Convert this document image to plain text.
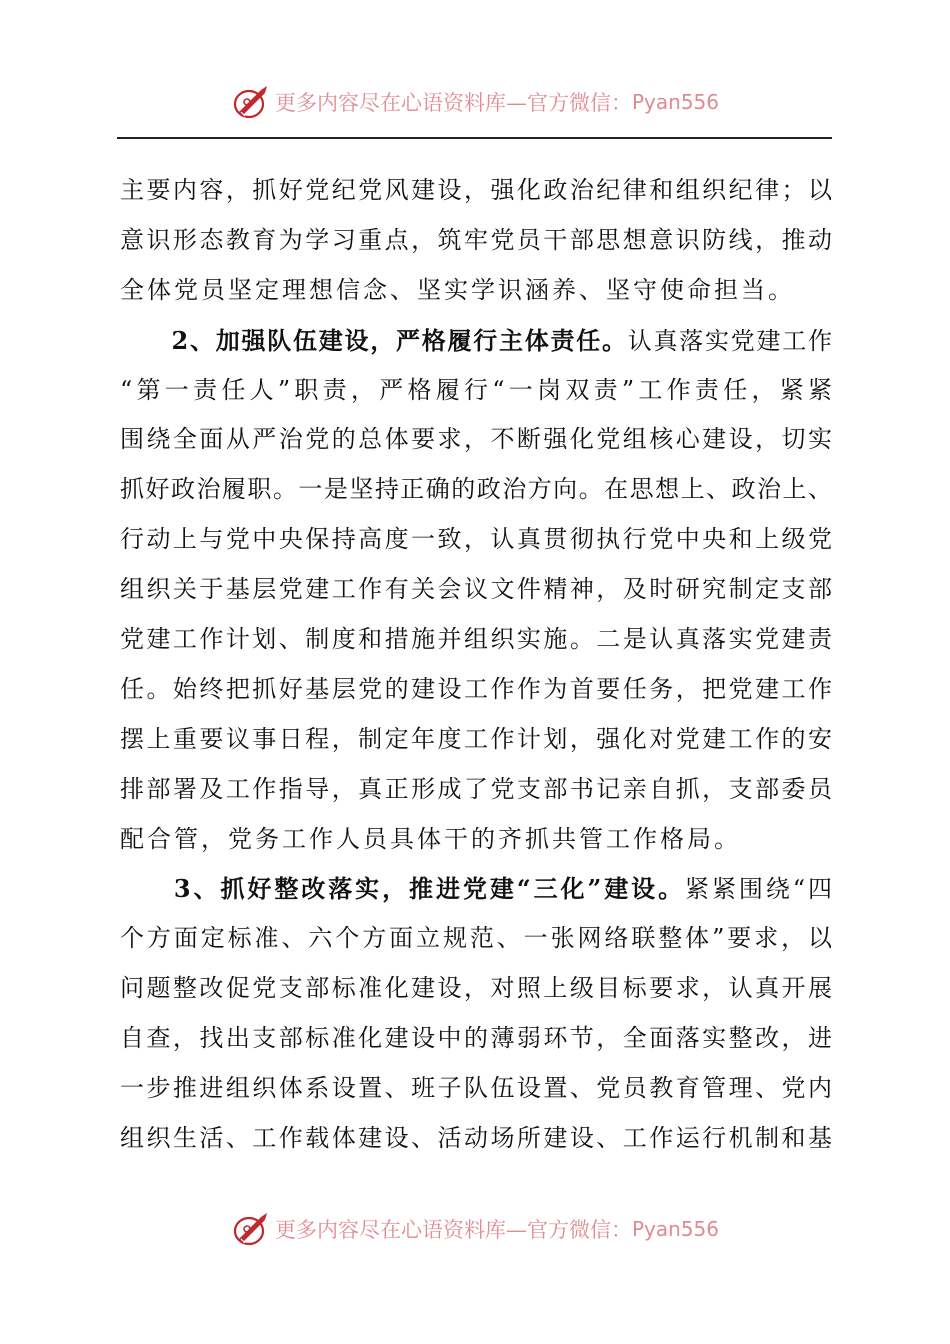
更多内容尽在心语资料库—官方微信： Pyan556
主要内容，抓好党纪党风建设，强化政治纪律和组织纪律；以
意识形态教育为学习重点，筑牢党员干部思想意识防线，推动
全体党员坚定理想信念、坚实学识涵养、坚守使命担当。
　　2、加强队伍建设，严格履行主体责任。认真落实党建工作
“第一责任人”职责，严格履行“一岗双责”工作责任，紧紧
围绕全面从严治党的总体要求，不断强化党组核心建设，切实
抓好政治履职。一是坚持正确的政治方向。在思想上、政治上、
行动上与党中央保持高度一致，认真贯彻执行党中央和上级党
组织关于基层党建工作有关会议文件精神，及时研究制定支部
党建工作计划、制度和措施并组织实施。二是认真落实党建责
任。始终把抓好基层党的建设工作作为首要任务，把党建工作
摆上重要议事日程，制定年度工作计划，强化对党建工作的安
排部署及工作指导，真正形成了党支部书记亲自抓，支部委员
配合管，党务工作人员具体干的齐抓共管工作格局。
　　3、抓好整改落实，推进党建“三化”建设。紧紧围绕“四
个方面定标准、六个方面立规范、一张网络联整体”要求，以
问题整改促党支部标准化建设，对照上级目标要求，认真开展
自查，找出支部标准化建设中的薄弱环节，全面落实整改，进
一步推进组织体系设置、班子队伍设置、党员教育管理、党内
组织生活、工作载体建设、活动场所建设、工作运行机制和基
更多内容尽在心语资料库—官方微信： Pyan556
